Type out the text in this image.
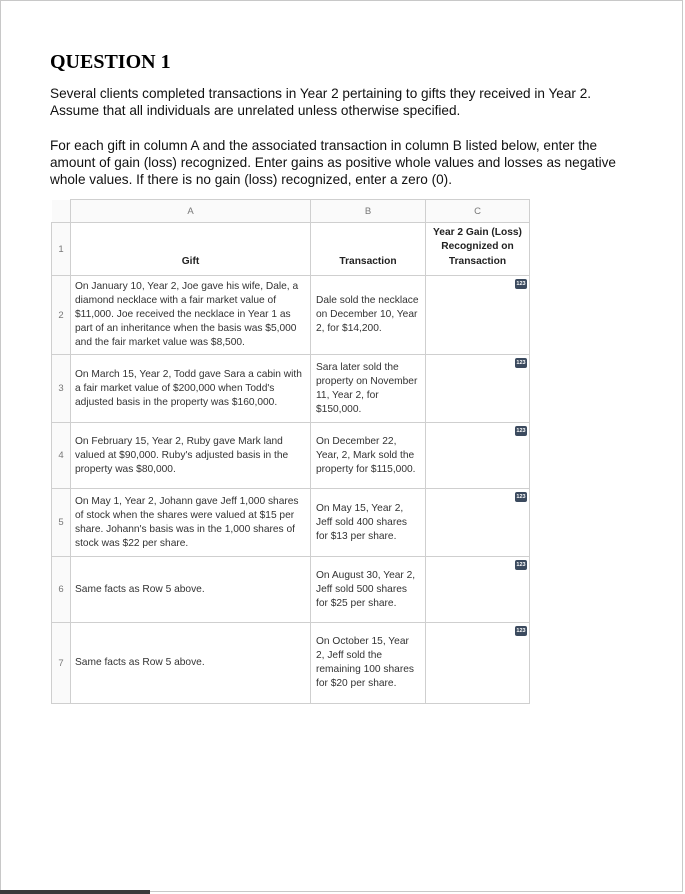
QUESTION 1

Several clients completed transactions in Year 2 pertaining to gifts they received in Year 2. Assume that all individuals are unrelated unless otherwise specified.

For each gift in column A and the associated transaction in column B listed below, enter the amount of gain (loss) recognized. Enter gains as positive whole values and losses as negative whole values. If there is no gain (loss) recognized, enter a zero (0).

	A	B	C
1	Gift	Transaction	Year 2 Gain (Loss) Recognized on Transaction
2	On January 10, Year 2, Joe gave his wife, Dale, a diamond necklace with a fair market value of $11,000. Joe received the necklace in Year 1 as part of an inheritance when the basis was $5,000 and the fair market value was $8,500.	Dale sold the necklace on December 10, Year 2, for $14,200.	123

3	On March 15, Year 2, Todd gave Sara a cabin with a fair market value of $200,000 when Todd's adjusted basis in the property was $160,000.	Sara later sold the property on November 11, Year 2, for $150,000.	123

4	On February 15, Year 2, Ruby gave Mark land valued at $90,000. Ruby's adjusted basis in the property was $80,000.	On December 22, Year, 2, Mark sold the property for $115,000.	123

5	On May 1, Year 2, Johann gave Jeff 1,000 shares of stock when the shares were valued at $15 per share. Johann's basis was in the 1,000 shares of stock was $22 per share.	On May 15, Year 2, Jeff sold 400 shares for $13 per share.	123

6	Same facts as Row 5 above.	On August 30, Year 2, Jeff sold 500 shares for $25 per share.	123

7	Same facts as Row 5 above.	On October 15, Year 2, Jeff sold the remaining 100 shares for $20 per share.	123
